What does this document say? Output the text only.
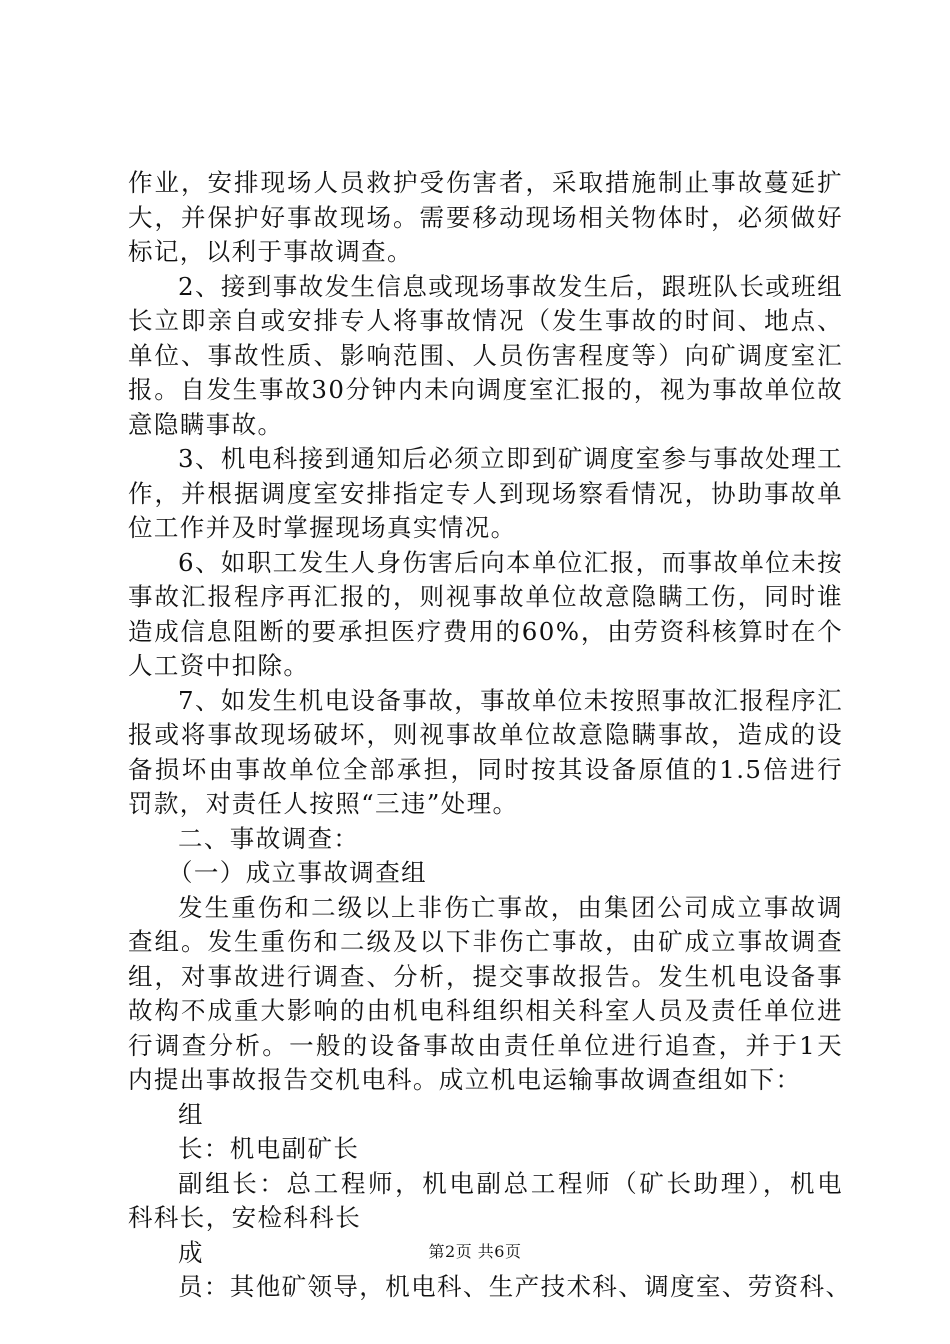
作业，安排现场人员救护受伤害者，采取措施制止事故蔓延扩
大，并保护好事故现场。需要移动现场相关物体时，必须做好
标记，以利于事故调查。
2、接到事故发生信息或现场事故发生后，跟班队长或班组
长立即亲自或安排专人将事故情况（发生事故的时间、地点、
单位、事故性质、影响范围、人员伤害程度等）向矿调度室汇
报。自发生事故30分钟内未向调度室汇报的，视为事故单位故
意隐瞒事故。
3、机电科接到通知后必须立即到矿调度室参与事故处理工
作，并根据调度室安排指定专人到现场察看情况，协助事故单
位工作并及时掌握现场真实情况。
6、如职工发生人身伤害后向本单位汇报，而事故单位未按
事故汇报程序再汇报的，则视事故单位故意隐瞒工伤，同时谁
造成信息阻断的要承担医疗费用的60%，由劳资科核算时在个
人工资中扣除。
7、如发生机电设备事故，事故单位未按照事故汇报程序汇
报或将事故现场破坏，则视事故单位故意隐瞒事故，造成的设
备损坏由事故单位全部承担，同时按其设备原值的1.5倍进行
罚款，对责任人按照“三违”处理。
二、事故调查：
（一）成立事故调查组
发生重伤和二级以上非伤亡事故，由集团公司成立事故调
查组。发生重伤和二级及以下非伤亡事故，由矿成立事故调查
组，对事故进行调查、分析，提交事故报告。发生机电设备事
故构不成重大影响的由机电科组织相关科室人员及责任单位进
行调查分析。一般的设备事故由责任单位进行追查，并于1天
内提出事故报告交机电科。成立机电运输事故调查组如下：
组
长：机电副矿长
副组长：总工程师，机电副总工程师（矿长助理），机电
科科长，安检科科长
成
员：其他矿领导，机电科、生产技术科、调度室、劳资科、
第2页 共6页
